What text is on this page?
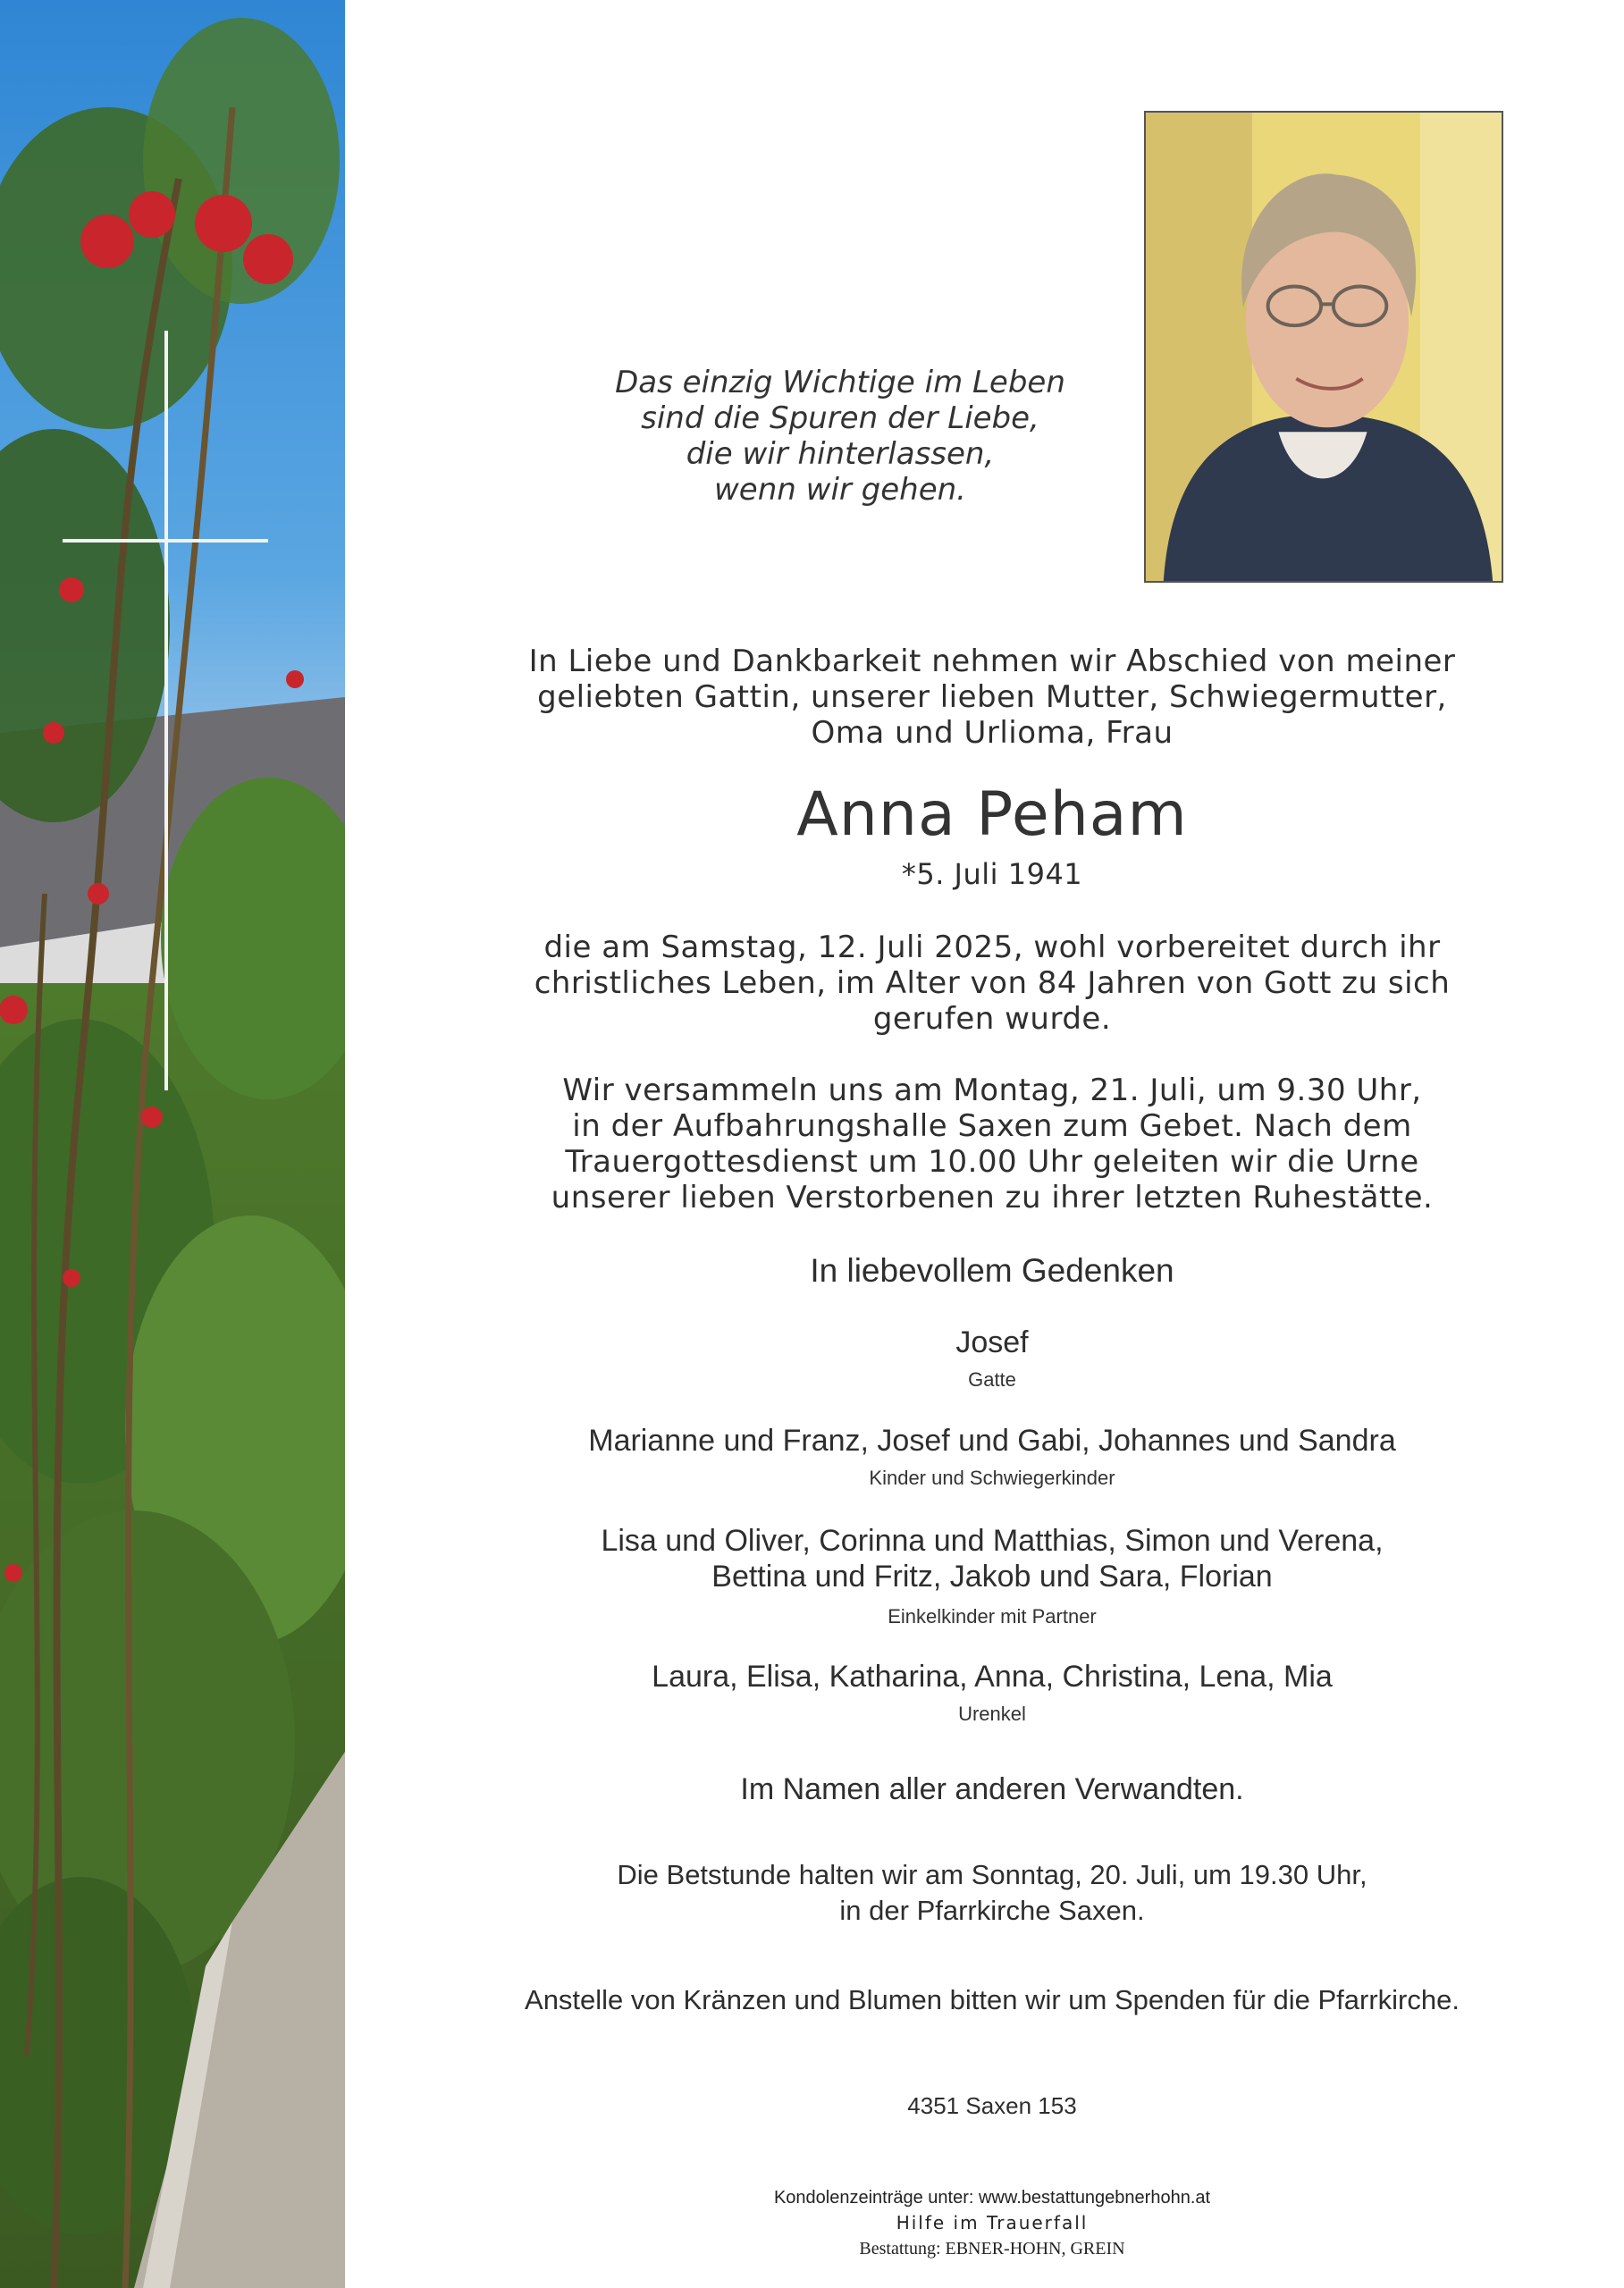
Das einzig Wichtige im Leben
sind die Spuren der Liebe,
die wir hinterlassen,
wenn wir gehen.
In Liebe und Dankbarkeit nehmen wir Abschied von meiner
geliebten Gattin, unserer lieben Mutter, Schwiegermutter,
Oma und Urlioma, Frau
Anna Peham
*5. Juli 1941
die am Samstag, 12. Juli 2025, wohl vorbereitet durch ihr
christliches Leben, im Alter von 84 Jahren von Gott zu sich
gerufen wurde.
Wir versammeln uns am Montag, 21. Juli, um 9.30 Uhr,
in der Aufbahrungshalle Saxen zum Gebet. Nach dem
Trauergottesdienst um 10.00 Uhr geleiten wir die Urne
unserer lieben Verstorbenen zu ihrer letzten Ruhestätte.
In liebevollem Gedenken
Josef
Gatte
Marianne und Franz, Josef und Gabi, Johannes und Sandra
Kinder und Schwiegerkinder
Lisa und Oliver, Corinna und Matthias, Simon und Verena,
Bettina und Fritz, Jakob und Sara, Florian
Einkelkinder mit Partner
Laura, Elisa, Katharina, Anna, Christina, Lena, Mia
Urenkel
Im Namen aller anderen Verwandten.
Die Betstunde halten wir am Sonntag, 20. Juli, um 19.30 Uhr,
in der Pfarrkirche Saxen.
Anstelle von Kränzen und Blumen bitten wir um Spenden für die Pfarrkirche.
4351 Saxen 153
Kondolenzeinträge unter: www.bestattungebnerhohn.at
Hilfe im Trauerfall
Bestattung: EBNER-HOHN, GREIN
